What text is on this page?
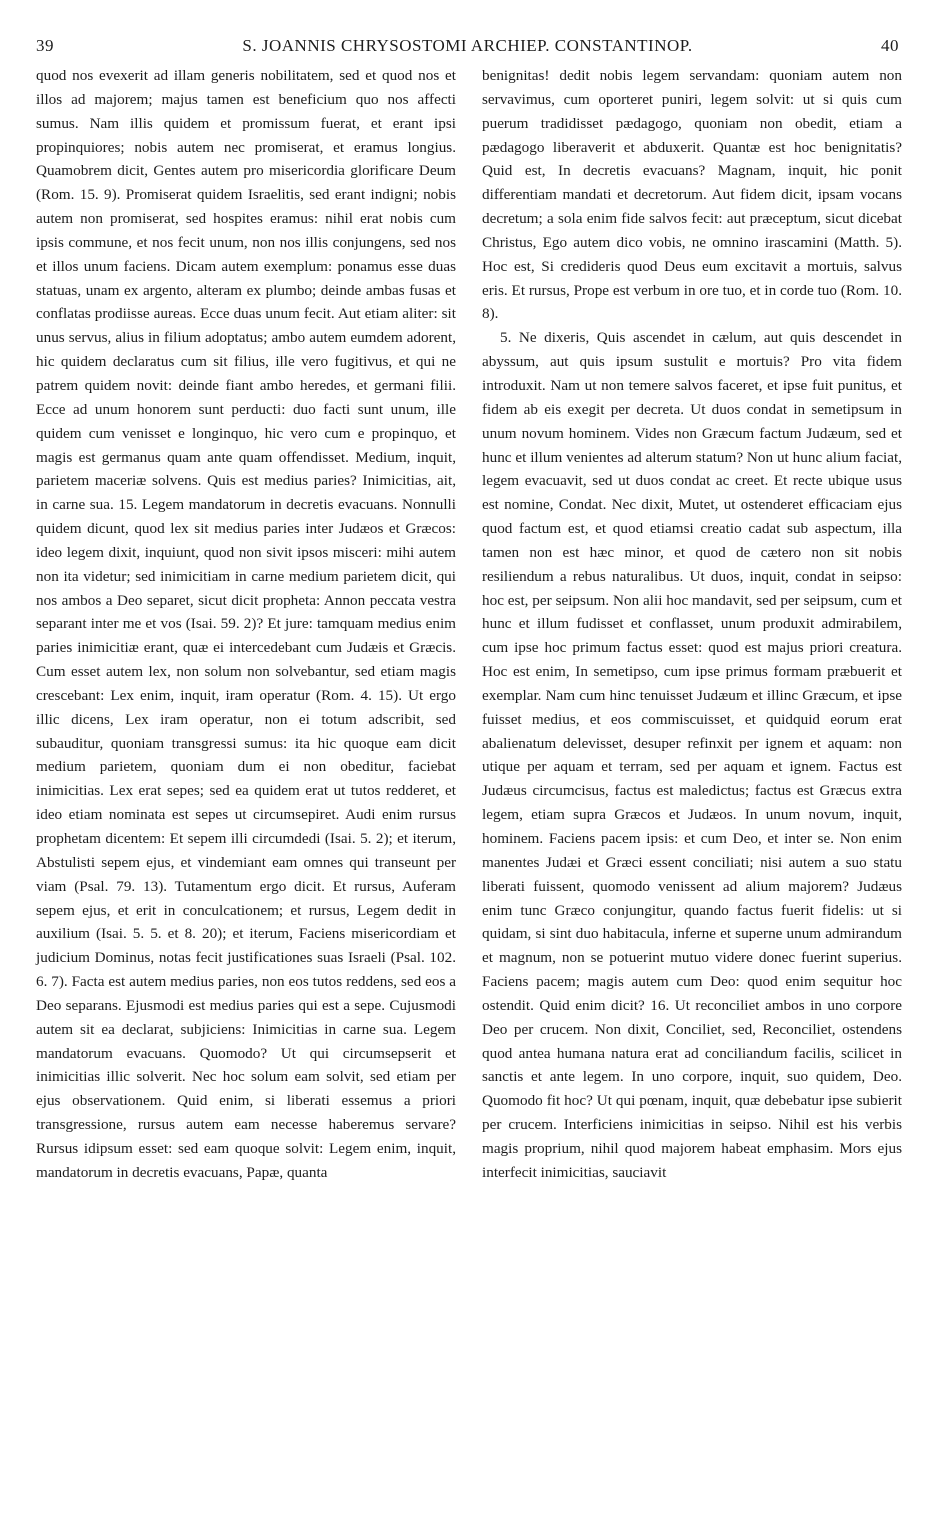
39	S. JOANNIS CHRYSOSTOMI ARCHIEP. CONSTANTINOP.	40

quod nos evexerit ad illam generis nobilitatem, sed et quod nos et illos ad majorem; majus tamen est beneficium quo nos affecti sumus. Nam illis quidem et promissum fuerat, et erant ipsi propinquiores; nobis autem nec promiserat, et eramus longius. Quamobrem dicit, Gentes autem pro misericordia glorificare Deum (Rom. 15. 9). Promiserat quidem Israelitis, sed erant indigni; nobis autem non promiserat, sed hospites eramus: nihil erat nobis cum ipsis commune, et nos fecit unum, non nos illis conjungens, sed nos et illos unum faciens. Dicam autem exemplum: ponamus esse duas statuas, unam ex argento, alteram ex plumbo; deinde ambas fusas et conflatas prodiisse aureas. Ecce duas unum fecit. Aut etiam aliter: sit unus servus, alius in filium adoptatus; ambo autem eumdem adorent, hic quidem declaratus cum sit filius, ille vero fugitivus, et qui ne patrem quidem novit: deinde fiant ambo heredes, et germani filii. Ecce ad unum honorem sunt perducti: duo facti sunt unum, ille quidem cum venisset e longinquo, hic vero cum e propinquo, et magis est germanus quam ante quam offendisset. Medium, inquit, parietem maceriæ solvens. Quis est medius paries? Inimicitias, ait, in carne sua. 15. Legem mandatorum in decretis evacuans. Nonnulli quidem dicunt, quod lex sit medius paries inter Judæos et Græcos: ideo legem dixit, inquiunt, quod non sivit ipsos misceri: mihi autem non ita videtur; sed inimicitiam in carne medium parietem dicit, qui nos ambos a Deo separet, sicut dicit propheta: Annon peccata vestra separant inter me et vos (Isai. 59. 2)? Et jure: tamquam medius enim paries inimicitiæ erant, quæ ei intercedebant cum Judæis et Græcis. Cum esset autem lex, non solum non solvebantur, sed etiam magis crescebant: Lex enim, inquit, iram operatur (Rom. 4. 15). Ut ergo illic dicens, Lex iram operatur, non ei totum adscribit, sed subauditur, quoniam transgressi sumus: ita hic quoque eam dicit medium parietem, quoniam dum ei non obeditur, faciebat inimicitias. Lex erat sepes; sed ea quidem erat ut tutos redderet, et ideo etiam nominata est sepes ut circumsepiret. Audi enim rursus prophetam dicentem: Et sepem illi circumdedi (Isai. 5. 2); et iterum, Abstulisti sepem ejus, et vindemiant eam omnes qui transeunt per viam (Psal. 79. 13). Tutamentum ergo dicit. Et rursus, Auferam sepem ejus, et erit in conculcationem; et rursus, Legem dedit in auxilium (Isai. 5. 5. et 8. 20); et iterum, Faciens misericordiam et judicium Dominus, notas fecit justificationes suas Israeli (Psal. 102. 6. 7). Facta est autem medius paries, non eos tutos reddens, sed eos a Deo separans. Ejusmodi est medius paries qui est a sepe. Cujusmodi autem sit ea declarat, subjiciens: Inimicitias in carne sua. Legem mandatorum evacuans. Quomodo? Ut qui circumsepserit et inimicitias illic solverit. Nec hoc solum eam solvit, sed etiam per ejus observationem. Quid enim, si liberati essemus a priori transgressione, rursus autem eam necesse haberemus servare? Rursus idipsum esset: sed eam quoque solvit: Legem enim, inquit, mandatorum in decretis evacuans, Papæ, quanta

benignitas! dedit nobis legem servandam: quoniam autem non servavimus, cum oporteret puniri, legem solvit: ut si quis cum puerum tradidisset pædagogo, quoniam non obedit, etiam a pædagogo liberaverit et abduxerit. Quantæ est hoc benignitatis? Quid est, In decretis evacuans? Magnam, inquit, hic ponit differentiam mandati et decretorum. Aut fidem dicit, ipsam vocans decretum; a sola enim fide salvos fecit: aut præceptum, sicut dicebat Christus, Ego autem dico vobis, ne omnino irascamini (Matth. 5). Hoc est, Si credideris quod Deus eum excitavit a mortuis, salvus eris. Et rursus, Prope est verbum in ore tuo, et in corde tuo (Rom. 10. 8).

5. Ne dixeris, Quis ascendet in cælum, aut quis descendet in abyssum, aut quis ipsum sustulit e mortuis? Pro vita fidem introduxit. Nam ut non temere salvos faceret, et ipse fuit punitus, et fidem ab eis exegit per decreta. Ut duos condat in semetipsum in unum novum hominem. Vides non Græcum factum Judæum, sed et hunc et illum venientes ad alterum statum? Non ut hunc alium faciat, legem evacuavit, sed ut duos condat ac creet. Et recte ubique usus est nomine, Condat. Nec dixit, Mutet, ut ostenderet efficaciam ejus quod factum est, et quod etiamsi creatio cadat sub aspectum, illa tamen non est hæc minor, et quod de cætero non sit nobis resiliendum a rebus naturalibus. Ut duos, inquit, condat in seipso: hoc est, per seipsum. Non alii hoc mandavit, sed per seipsum, cum et hunc et illum fudisset et conflasset, unum produxit admirabilem, cum ipse hoc primum factus esset: quod est majus priori creatura. Hoc est enim, In semetipso, cum ipse primus formam præbuerit et exemplar. Nam cum hinc tenuisset Judæum et illinc Græcum, et ipse fuisset medius, et eos commiscuisset, et quidquid eorum erat abalienatum delevisset, desuper refinxit per ignem et aquam: non utique per aquam et terram, sed per aquam et ignem. Factus est Judæus circumcisus, factus est maledictus; factus est Græcus extra legem, etiam supra Græcos et Judæos. In unum novum, inquit, hominem. Faciens pacem ipsis: et cum Deo, et inter se. Non enim manentes Judæi et Græci essent conciliati; nisi autem a suo statu liberati fuissent, quomodo venissent ad alium majorem? Judæus enim tunc Græco conjungitur, quando factus fuerit fidelis: ut si quidam, si sint duo habitacula, inferne et superne unum admirandum et magnum, non se potuerint mutuo videre donec fuerint superius. Faciens pacem; magis autem cum Deo: quod enim sequitur hoc ostendit. Quid enim dicit? 16. Ut reconciliet ambos in uno corpore Deo per crucem. Non dixit, Conciliet, sed, Reconciliet, ostendens quod antea humana natura erat ad conciliandum facilis, scilicet in sanctis et ante legem. In uno corpore, inquit, suo quidem, Deo. Quomodo fit hoc? Ut qui pœnam, inquit, quæ debebatur ipse subierit per crucem. Interficiens inimicitias in seipso. Nihil est his verbis magis proprium, nihil quod majorem habeat emphasim. Mors ejus interfecit inimicitias, sauciavit
